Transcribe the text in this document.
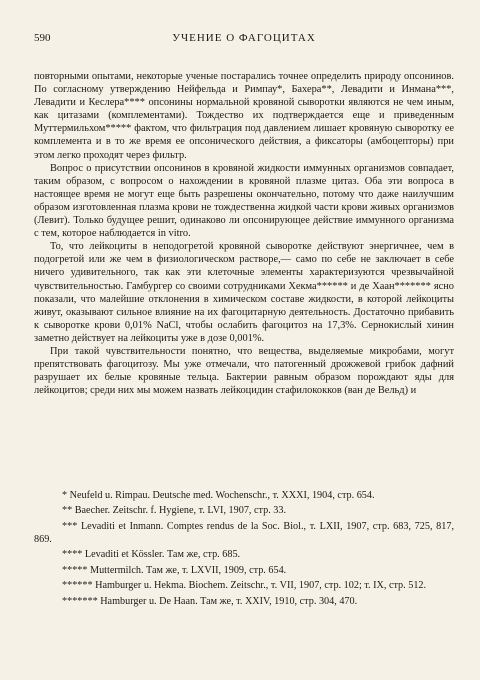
590	УЧЕНИЕ О ФАГОЦИТАХ

повторными опытами, некоторые ученые постарались точнее определить природу опсонинов. По согласному утверждению Нейфельда и Римпау*, Бахера**, Левадити и Инмана***, Левадити и Кеслера**** опсонины нормальной кровяной сыворотки являются не чем иным, как цитазами (комплементами). Тождество их подтверждается еще и приведенным Муттермильхом***** фактом, что фильтрация под давлением лишает кровяную сыворотку ее комплемента и в то же время ее опсонического действия, а фиксаторы (амбоцепторы) при этом легко проходят через фильтр.

Вопрос о присутствии опсонинов в кровяной жидкости иммунных организмов совпадает, таким образом, с вопросом о нахождении в кровяной плазме цитаз. Оба эти вопроса в настоящее время не могут еще быть разрешены окончательно, потому что даже наилучшим образом изготовленная плазма крови не тождественна жидкой части крови живых организмов (Левит). Только будущее решит, одинаково ли опсонирующее действие иммунного организма с тем, которое наблюдается in vitro.

То, что лейкоциты в неподогретой кровяной сыворотке действуют энергичнее, чем в подогретой или же чем в физиологическом растворе,— само по себе не заключает в себе ничего удивительного, так как эти клеточные элементы характеризуются чрезвычайной чувствительностью. Гамбургер со своими сотрудниками Хекма****** и де Хаан******* ясно показали, что малейшие отклонения в химическом составе жидкости, в которой лейкоциты живут, оказывают сильное влияние на их фагоцитарную деятельность. Достаточно прибавить к сыворотке крови 0,01% NaCl, чтобы ослабить фагоцитоз на 17,3%. Сернокислый хинин заметно действует на лейкоциты уже в дозе 0,001%.

При такой чувствительности понятно, что вещества, выделяемые микробами, могут препятствовать фагоцитозу. Мы уже отмечали, что патогенный дрожжевой грибок дафний разрушает их белые кровяные тельца. Бактерии равным образом порождают яды для лейкоцитов; среди них мы можем назвать лейкоцидин стафилококков (ван де Вельд) и

* Neufeld u. Rimpau. Deutsche med. Wochenschr., т. XXXI, 1904, стр. 654.

** Baecher. Zeitschr. f. Hygiene, т. LVI, 1907, стр. 33.

*** Levaditi et Inmann. Comptes rendus de la Soc. Biol., т. LXII, 1907, стр. 683, 725, 817, 869.

**** Levaditi et Kössler. Там же, стр. 685.

***** Muttermilch. Там же, т. LXVII, 1909, стр. 654.

****** Hamburger u. Hekma. Biochem. Zeitschr., т. VII, 1907, стр. 102; т. IX, стр. 512.

******* Hamburger u. De Haan. Там же, т. XXIV, 1910, стр. 304, 470.
